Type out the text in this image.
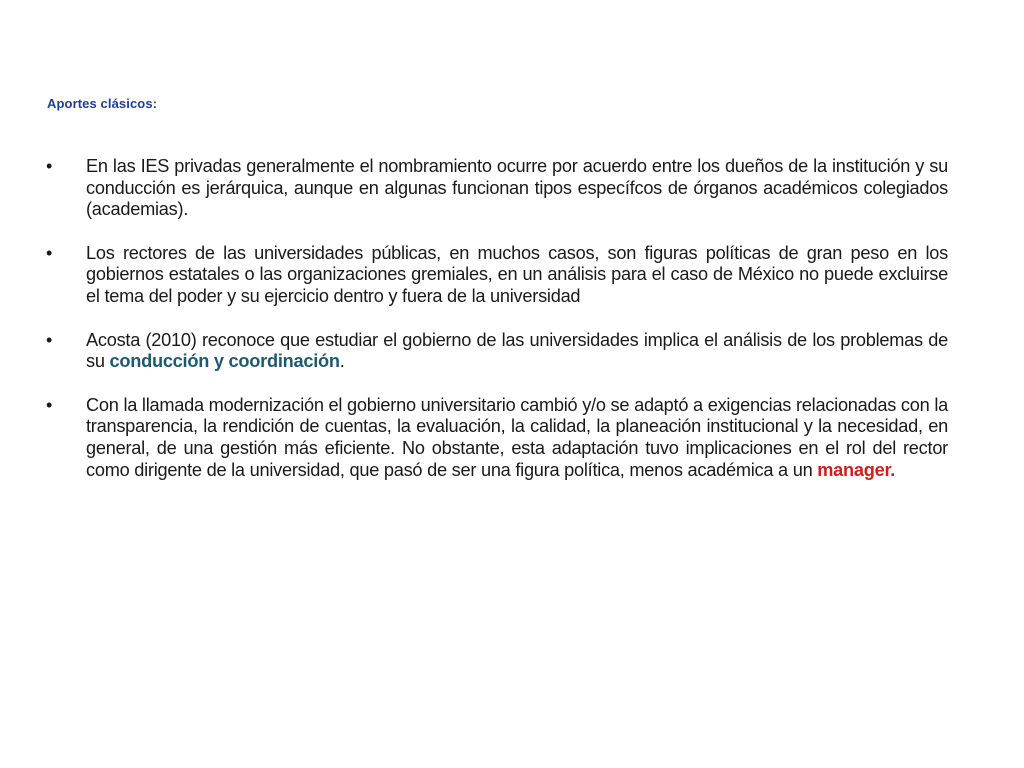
Aportes clásicos:
•	En las IES privadas generalmente el nombramiento ocurre por acuerdo entre los dueños de la institución y su conducción es jerárquica, aunque en algunas funcionan tipos específcos de órganos académicos colegiados (academias).
•	Los rectores de las universidades públicas, en muchos casos, son figuras políticas de gran peso en los gobiernos estatales o las organizaciones gremiales, en un análisis para el caso de México no puede excluirse el tema del poder y su ejercicio dentro y fuera de la universidad
•	Acosta (2010) reconoce que estudiar el gobierno de las universidades implica el análisis de los problemas de su conducción y coordinación.
•	Con la llamada modernización el gobierno universitario cambió y/o se adaptó a exigencias relacionadas con la transparencia, la rendición de cuentas, la evaluación, la calidad, la planeación institucional y la necesidad, en general, de una gestión más eficiente. No obstante, esta adaptación tuvo implicaciones en el rol del rector como dirigente de la universidad, que pasó de ser una figura política, menos académica a un manager.
